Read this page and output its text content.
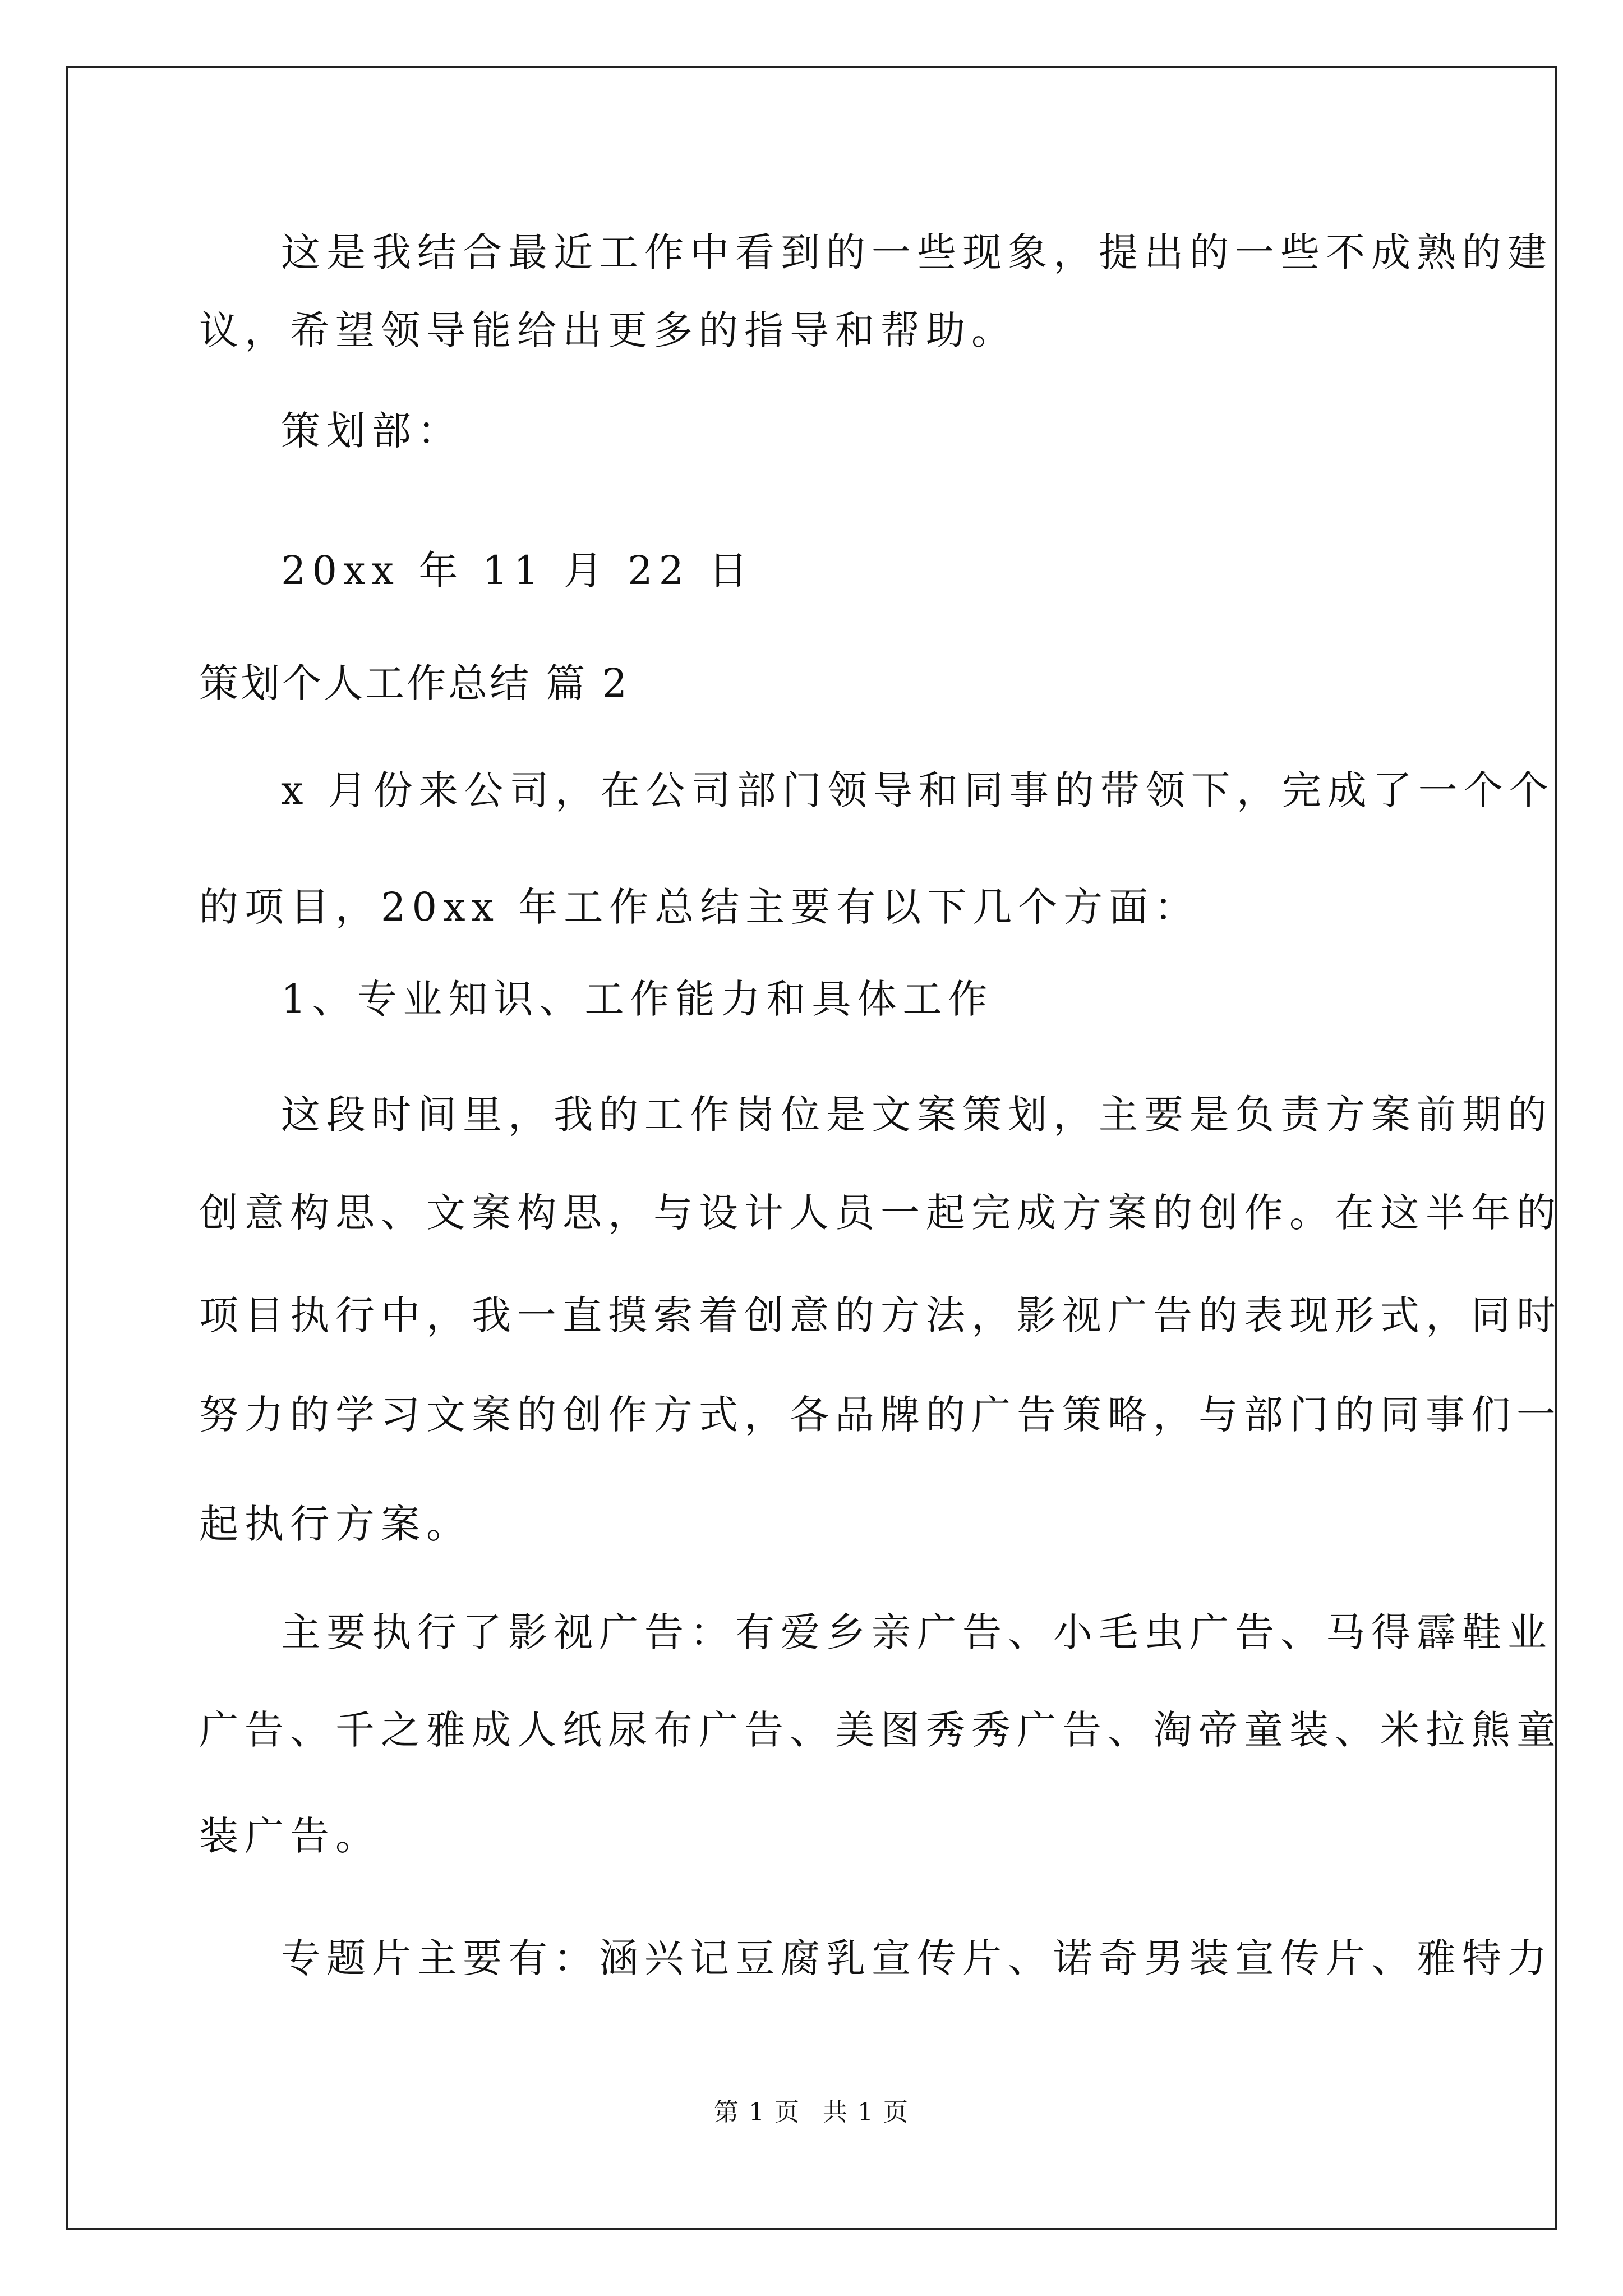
这是我结合最近工作中看到的一些现象，提出的一些不成熟的建
议，希望领导能给出更多的指导和帮助。
策划部：
20xx 年 11 月 22 日
策划个人工作总结 篇 2
x 月份来公司，在公司部门领导和同事的带领下，完成了一个个
的项目，20xx 年工作总结主要有以下几个方面：
1、专业知识、工作能力和具体工作
这段时间里，我的工作岗位是文案策划，主要是负责方案前期的
创意构思、文案构思，与设计人员一起完成方案的创作。在这半年的
项目执行中，我一直摸索着创意的方法，影视广告的表现形式，同时
努力的学习文案的创作方式，各品牌的广告策略，与部门的同事们一
起执行方案。
主要执行了影视广告：有爱乡亲广告、小毛虫广告、马得霹鞋业
广告、千之雅成人纸尿布广告、美图秀秀广告、淘帝童装、米拉熊童
装广告。
专题片主要有：涵兴记豆腐乳宣传片、诺奇男装宣传片、雅特力
第 1 页 共 1 页
